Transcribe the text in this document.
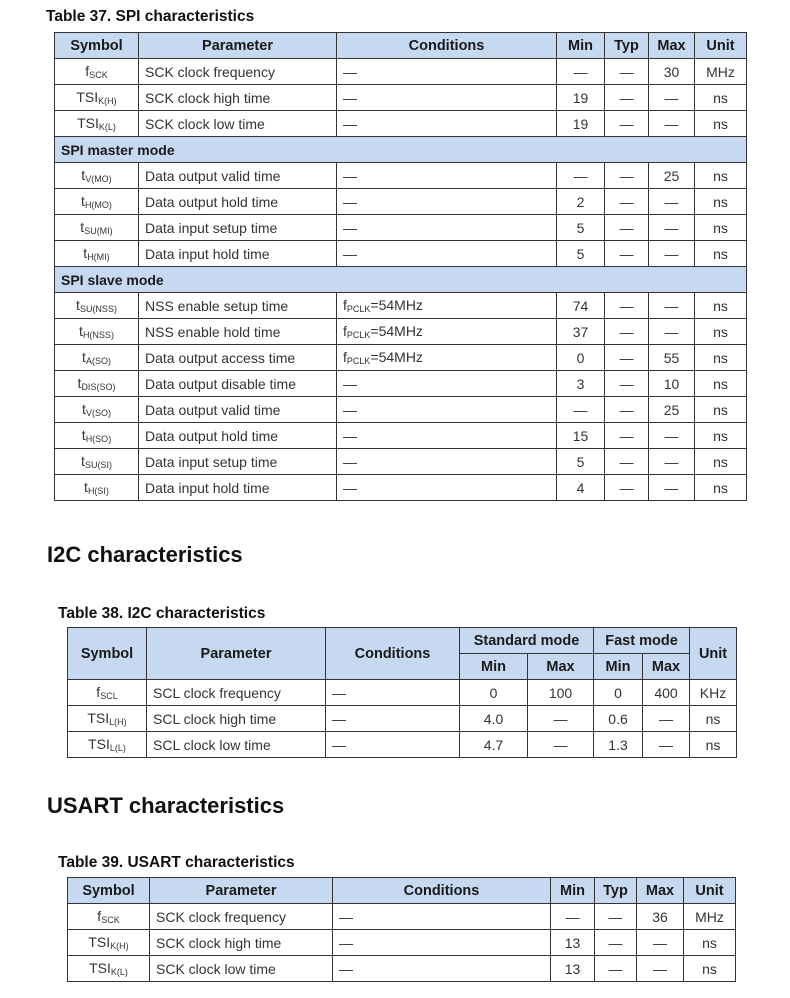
Table 37. SPI characteristics
Symbol	Parameter	Conditions	Min	Typ	Max	Unit
$f_{SCK}$	SCK clock frequency	—	—	—	30	MHz
$TSI_{K(H)}$	SCK clock high time	—	19	—	—	ns
$TSI_{K(L)}$	SCK clock low time	—	19	—	—	ns
SPI master mode						
$t_{V(MO)}$	Data output valid time	—	—	—	25	ns
$t_{H(MO)}$	Data output hold time	—	2	—	—	ns
$t_{SU(MI)}$	Data input setup time	—	5	—	—	ns
$t_{H(MI)}$	Data input hold time	—	5	—	—	ns
SPI slave mode						
$t_{SU(NSS)}$	NSS enable setup time	$f_{PCLK}=54MHz$	74	—	—	ns
$t_{H(NSS)}$	NSS enable hold time	$f_{PCLK}=54MHz$	37	—	—	ns
$t_{A(SO)}$	Data output access time	$f_{PCLK}=54MHz$	0	—	55	ns
$t_{DIS(SO)}$	Data output disable time	—	3	—	10	ns
$t_{V(SO)}$	Data output valid time	—	—	—	25	ns
$t_{H(SO)}$	Data output hold time	—	15	—	—	ns
$t_{SU(SI)}$	Data input setup time	—	5	—	—	ns
$t_{H(SI)}$	Data input hold time	—	4	—	—	ns
I2C characteristics
Table 38. I2C characteristics
Symbol	Parameter	Conditions	Standard mode		Fast mode		Unit
			Min	Max	Min	Max	
$f_{SCL}$	SCL clock frequency	—	0	100	0	400	KHz
$TSI_{L(H)}$	SCL clock high time	—	4.0	—	0.6	—	ns
$TSI_{L(L)}$	SCL clock low time	—	4.7	—	1.3	—	ns
USART characteristics
Table 39. USART characteristics
Symbol	Parameter	Conditions	Min	Typ	Max	Unit
$f_{SCK}$	SCK clock frequency	—	—	—	36	MHz
$TSI_{K(H)}$	SCK clock high time	—	13	—	—	ns
$TSI_{K(L)}$	SCK clock low time	—	13	—	—	ns
